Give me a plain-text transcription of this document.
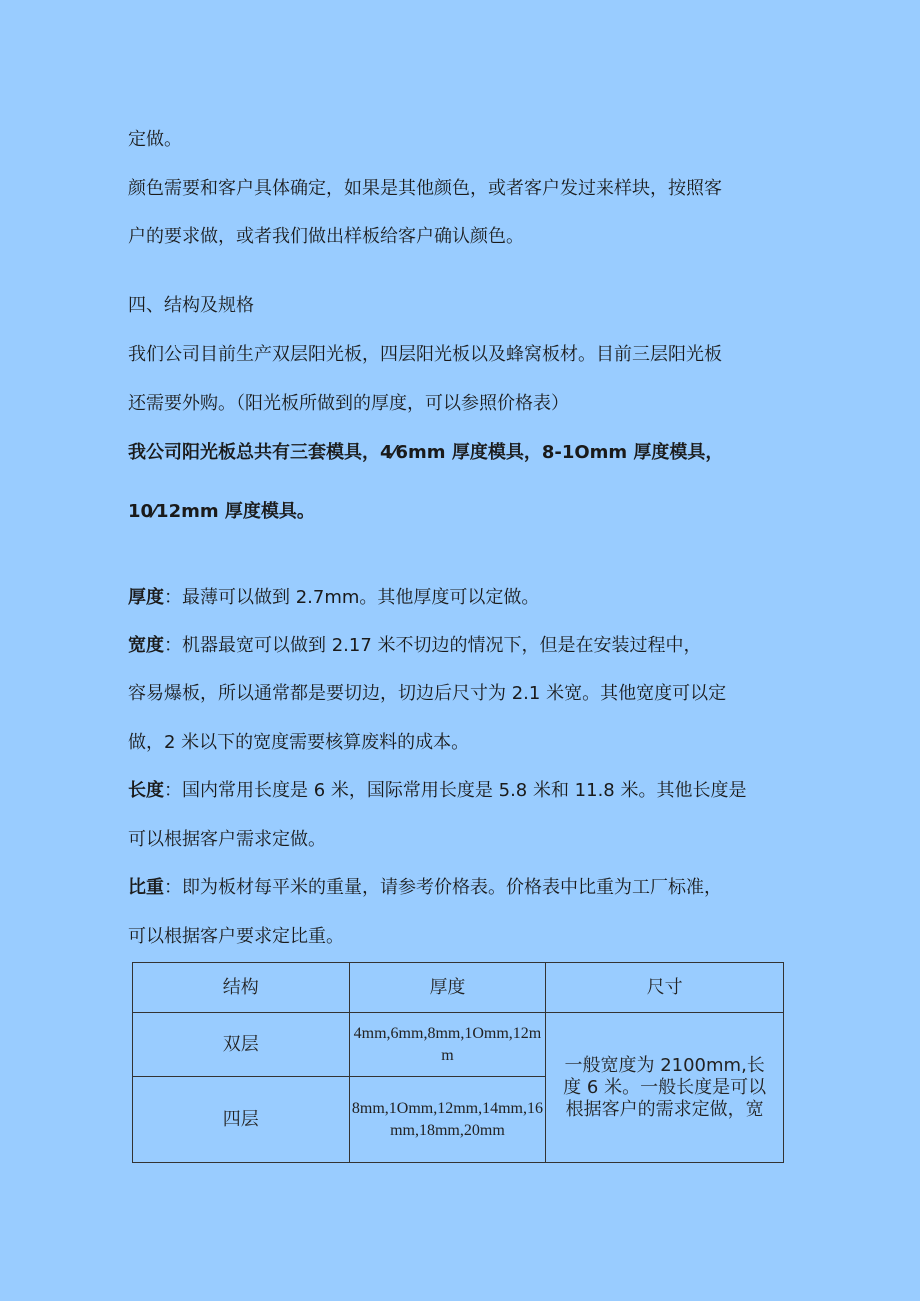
定做。
颜色需要和客户具体确定，如果是其他颜色，或者客户发过来样块，按照客
户的要求做，或者我们做出样板给客户确认颜色。
四、结构及规格
我们公司目前生产双层阳光板，四层阳光板以及蜂窝板材。目前三层阳光板
还需要外购。（阳光板所做到的厚度，可以参照价格表）
我公司阳光板总共有三套模具，4⁄6mm 厚度模具，8-1Omm 厚度模具，
10⁄12mm 厚度模具。
厚度：最薄可以做到 2.7mm。其他厚度可以定做。
宽度：机器最宽可以做到 2.17 米不切边的情况下，但是在安装过程中，
容易爆板，所以通常都是要切边，切边后尺寸为 2.1 米宽。其他宽度可以定
做，2 米以下的宽度需要核算废料的成本。
长度：国内常用长度是 6 米，国际常用长度是 5.8 米和 11.8 米。其他长度是
可以根据客户需求定做。
比重：即为板材每平米的重量，请参考价格表。价格表中比重为工厂标准，
可以根据客户要求定比重。
结构	厚度	尺寸
双层	4mm,6mm,8mm,1Omm,12mm	一般宽度为 2100mm,长
度 6 米。一般长度是可以
根据客户的需求定做，宽

四层	8mm,1Omm,12mm,14mm,16mm,18mm,20mm	
